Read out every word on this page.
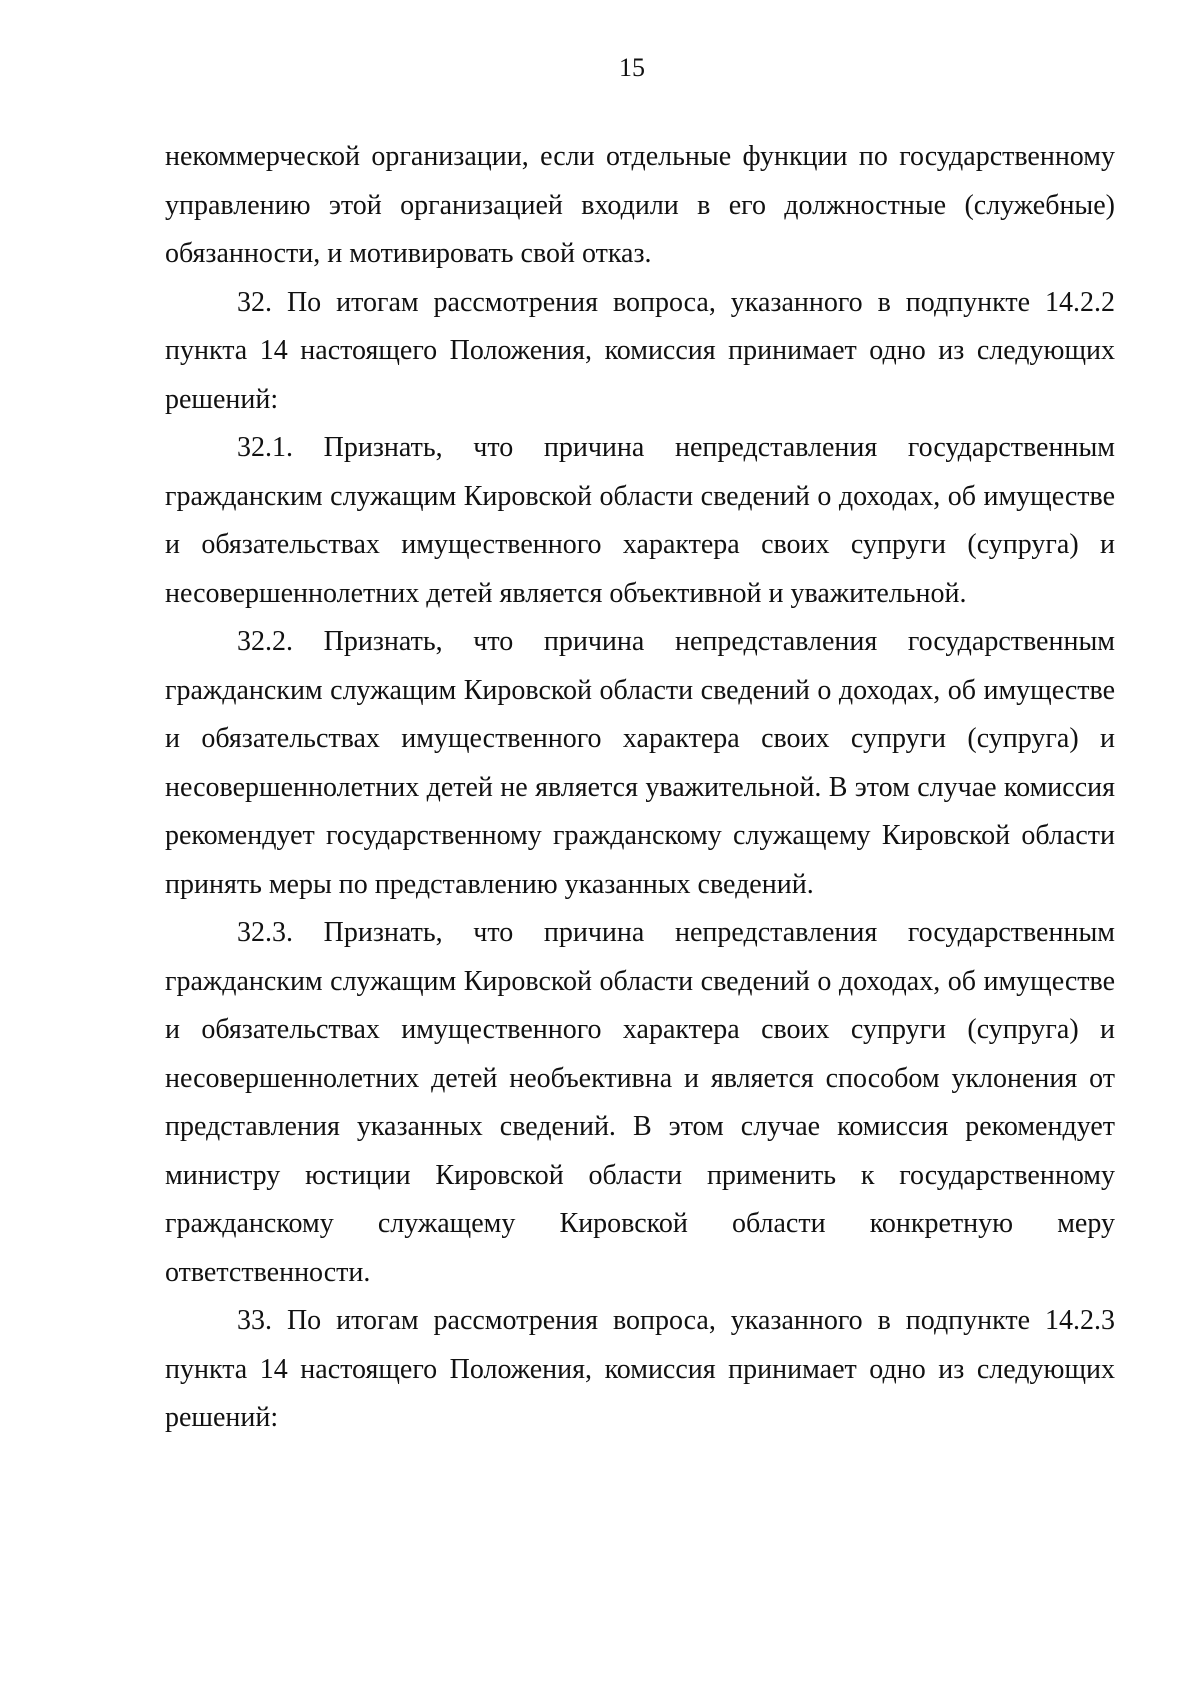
15

некоммерческой организации, если отдельные функции по государственному управлению этой организацией входили в его должностные (служебные) обязанности, и мотивировать свой отказ.

32. По итогам рассмотрения вопроса, указанного в подпункте 14.2.2 пункта 14 настоящего Положения, комиссия принимает одно из следующих решений:

32.1. Признать, что причина непредставления государственным гражданским служащим Кировской области сведений о доходах, об имуществе и обязательствах имущественного характера своих супруги (супруга) и несовершеннолетних детей является объективной и уважительной.

32.2. Признать, что причина непредставления государственным гражданским служащим Кировской области сведений о доходах, об имуществе и обязательствах имущественного характера своих супруги (супруга) и несовершеннолетних детей не является уважительной. В этом случае комиссия рекомендует государственному гражданскому служащему Кировской области принять меры по представлению указанных сведений.

32.3. Признать, что причина непредставления государственным гражданским служащим Кировской области сведений о доходах, об имуществе и обязательствах имущественного характера своих супруги (супруга) и несовершеннолетних детей необъективна и является способом уклонения от представления указанных сведений. В этом случае комиссия рекомендует министру юстиции Кировской области применить к государственному гражданскому служащему Кировской области конкретную меру ответственности.

33. По итогам рассмотрения вопроса, указанного в подпункте 14.2.3 пункта 14 настоящего Положения, комиссия принимает одно из следующих решений:
